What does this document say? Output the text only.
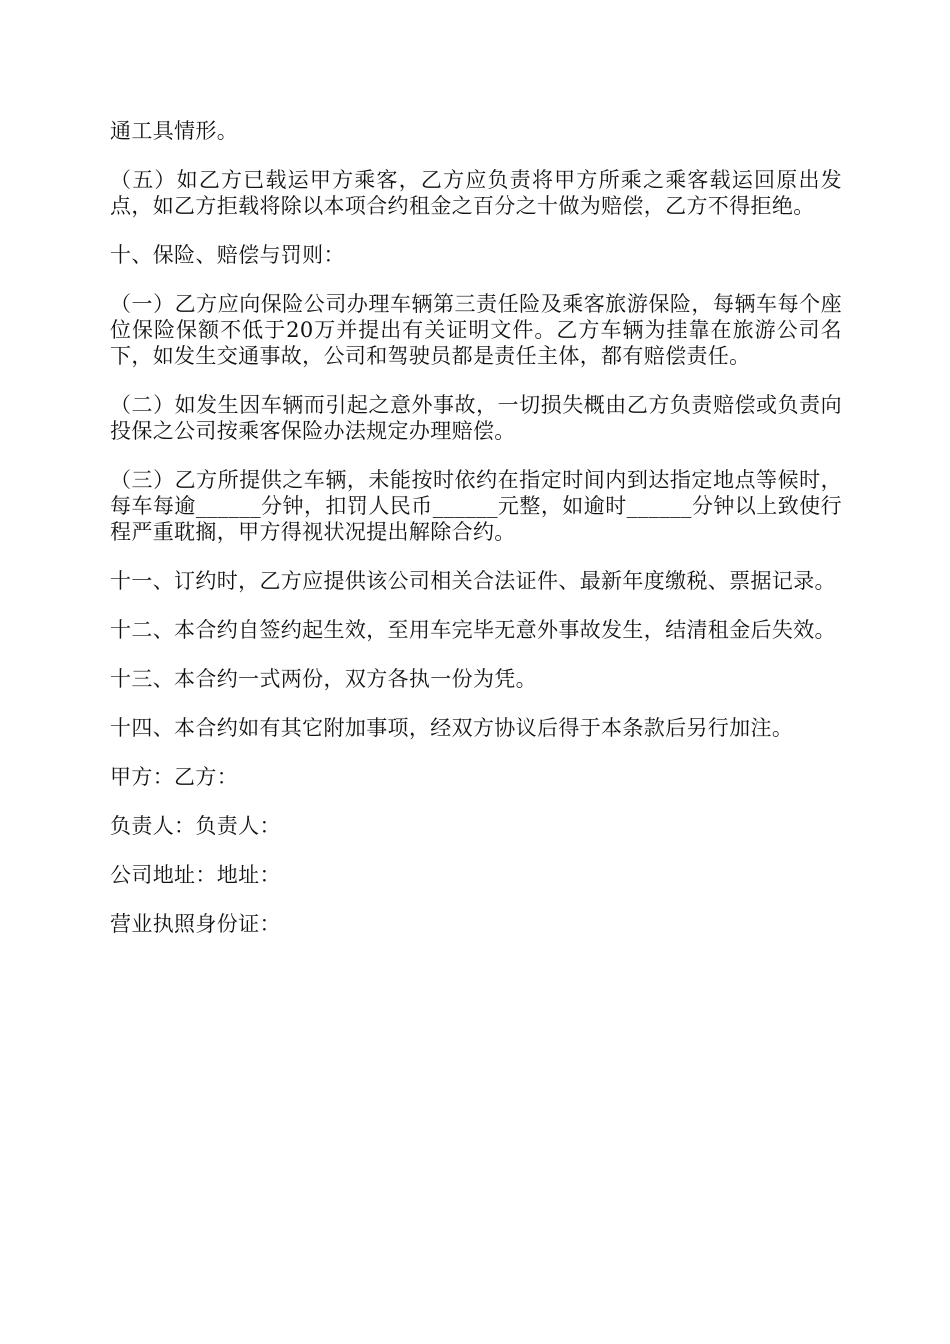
通工具情形。

（五）如乙方已载运甲方乘客，乙方应负责将甲方所乘之乘客载运回原出发点，如乙方拒载将除以本项合约租金之百分之十做为赔偿，乙方不得拒绝。

十、保险、赔偿与罚则：

（一）乙方应向保险公司办理车辆第三责任险及乘客旅游保险，每辆车每个座位保险保额不低于20万并提出有关证明文件。乙方车辆为挂靠在旅游公司名下，如发生交通事故，公司和驾驶员都是责任主体，都有赔偿责任。

（二）如发生因车辆而引起之意外事故，一切损失概由乙方负责赔偿或负责向投保之公司按乘客保险办法规定办理赔偿。

（三）乙方所提供之车辆，未能按时依约在指定时间内到达指定地点等候时，每车每逾______分钟，扣罚人民币______元整，如逾时______分钟以上致使行程严重耽搁，甲方得视状况提出解除合约。

十一、订约时，乙方应提供该公司相关合法证件、最新年度缴税、票据记录。

十二、本合约自签约起生效，至用车完毕无意外事故发生，结清租金后失效。

十三、本合约一式两份，双方各执一份为凭。

十四、本合约如有其它附加事项，经双方协议后得于本条款后另行加注。

甲方：乙方：

负责人：负责人：

公司地址：地址：

营业执照身份证：
